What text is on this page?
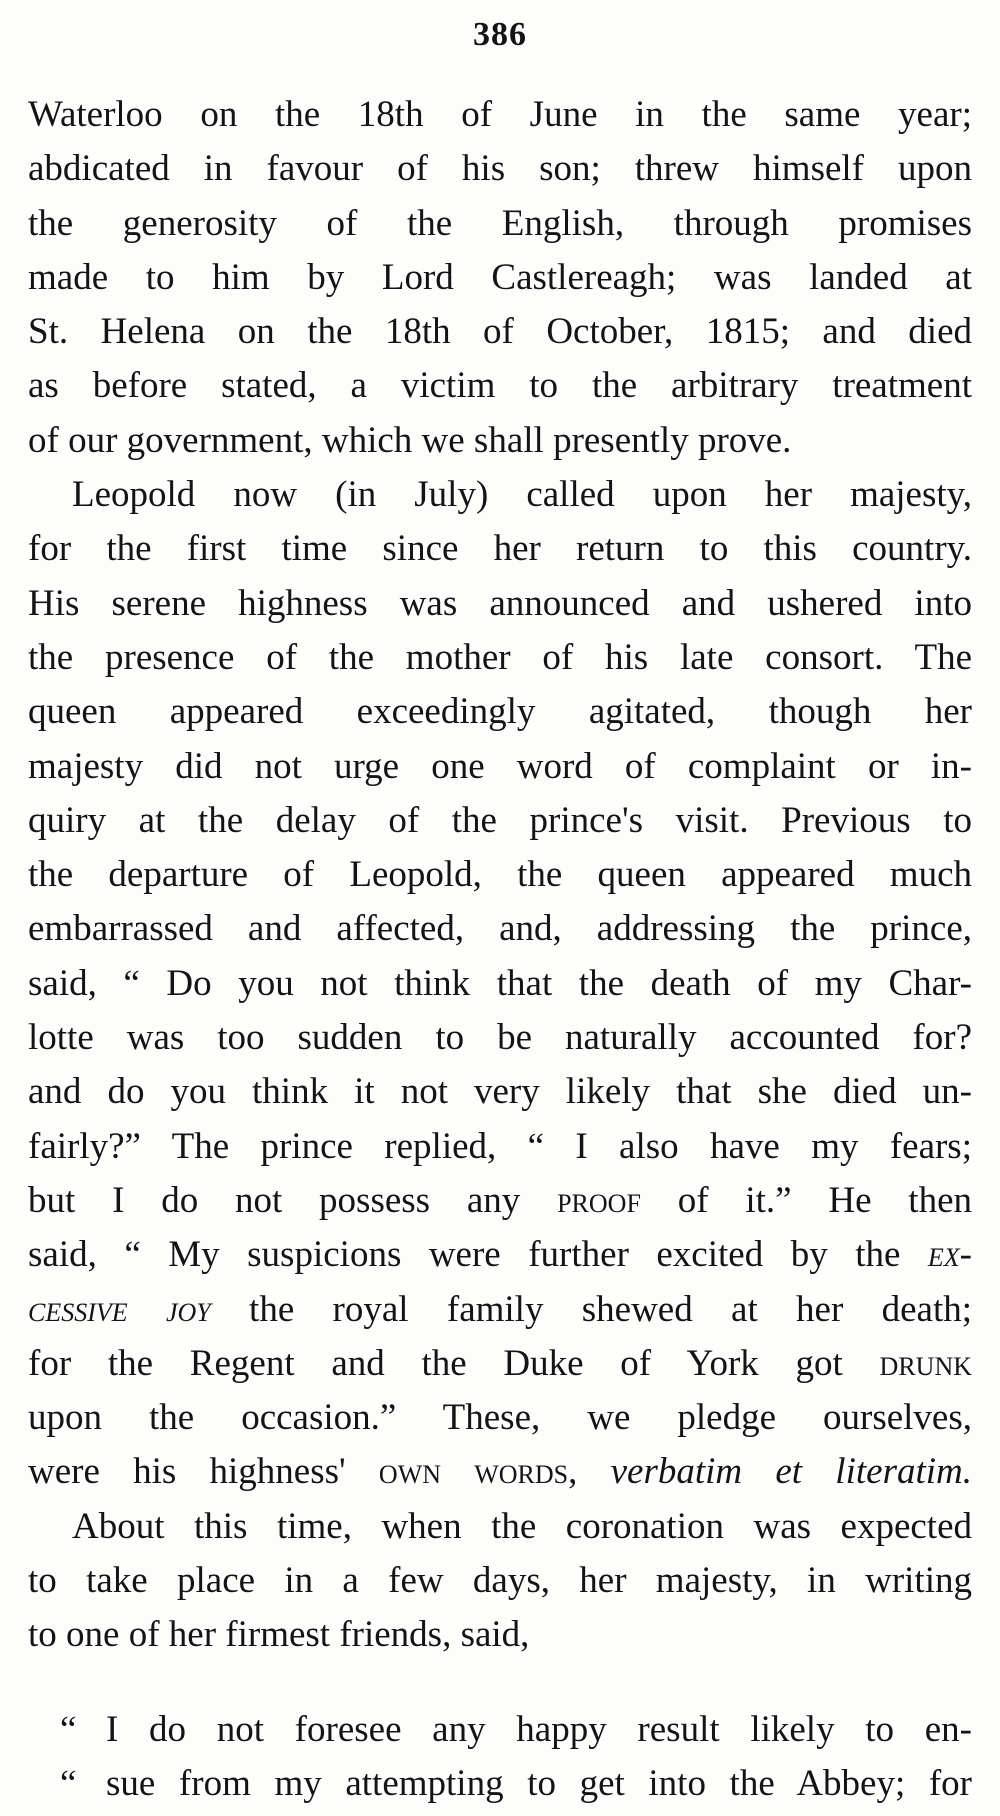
386
Waterloo on the 18th of June in the same year;
abdicated in favour of his son; threw himself upon
the generosity of the English, through promises
made to him by Lord Castlereagh; was landed at
St. Helena on the 18th of October, 1815; and died
as before stated, a victim to the arbitrary treatment
of our government, which we shall presently prove.
Leopold now (in July) called upon her majesty,
for the first time since her return to this country.
His serene highness was announced and ushered into
the presence of the mother of his late consort. The
queen appeared exceedingly agitated, though her
majesty did not urge one word of complaint or in-
quiry at the delay of the prince's visit. Previous to
the departure of Leopold, the queen appeared much
embarrassed and affected, and, addressing the prince,
said, “ Do you not think that the death of my Char-
lotte was too sudden to be naturally accounted for?
and do you think it not very likely that she died un-
fairly?” The prince replied, “ I also have my fears;
but I do not possess any proof of it.” He then
said, “ My suspicions were further excited by the ex-
cessive joy the royal family shewed at her death;
for the Regent and the Duke of York got drunk
upon the occasion.” These, we pledge ourselves,
were his highness' own words, verbatim et literatim.
About this time, when the coronation was expected
to take place in a few days, her majesty, in writing
to one of her firmest friends, said,
“ I do not foresee any happy result likely to en-
“ sue from my attempting to get into the Abbey; for
